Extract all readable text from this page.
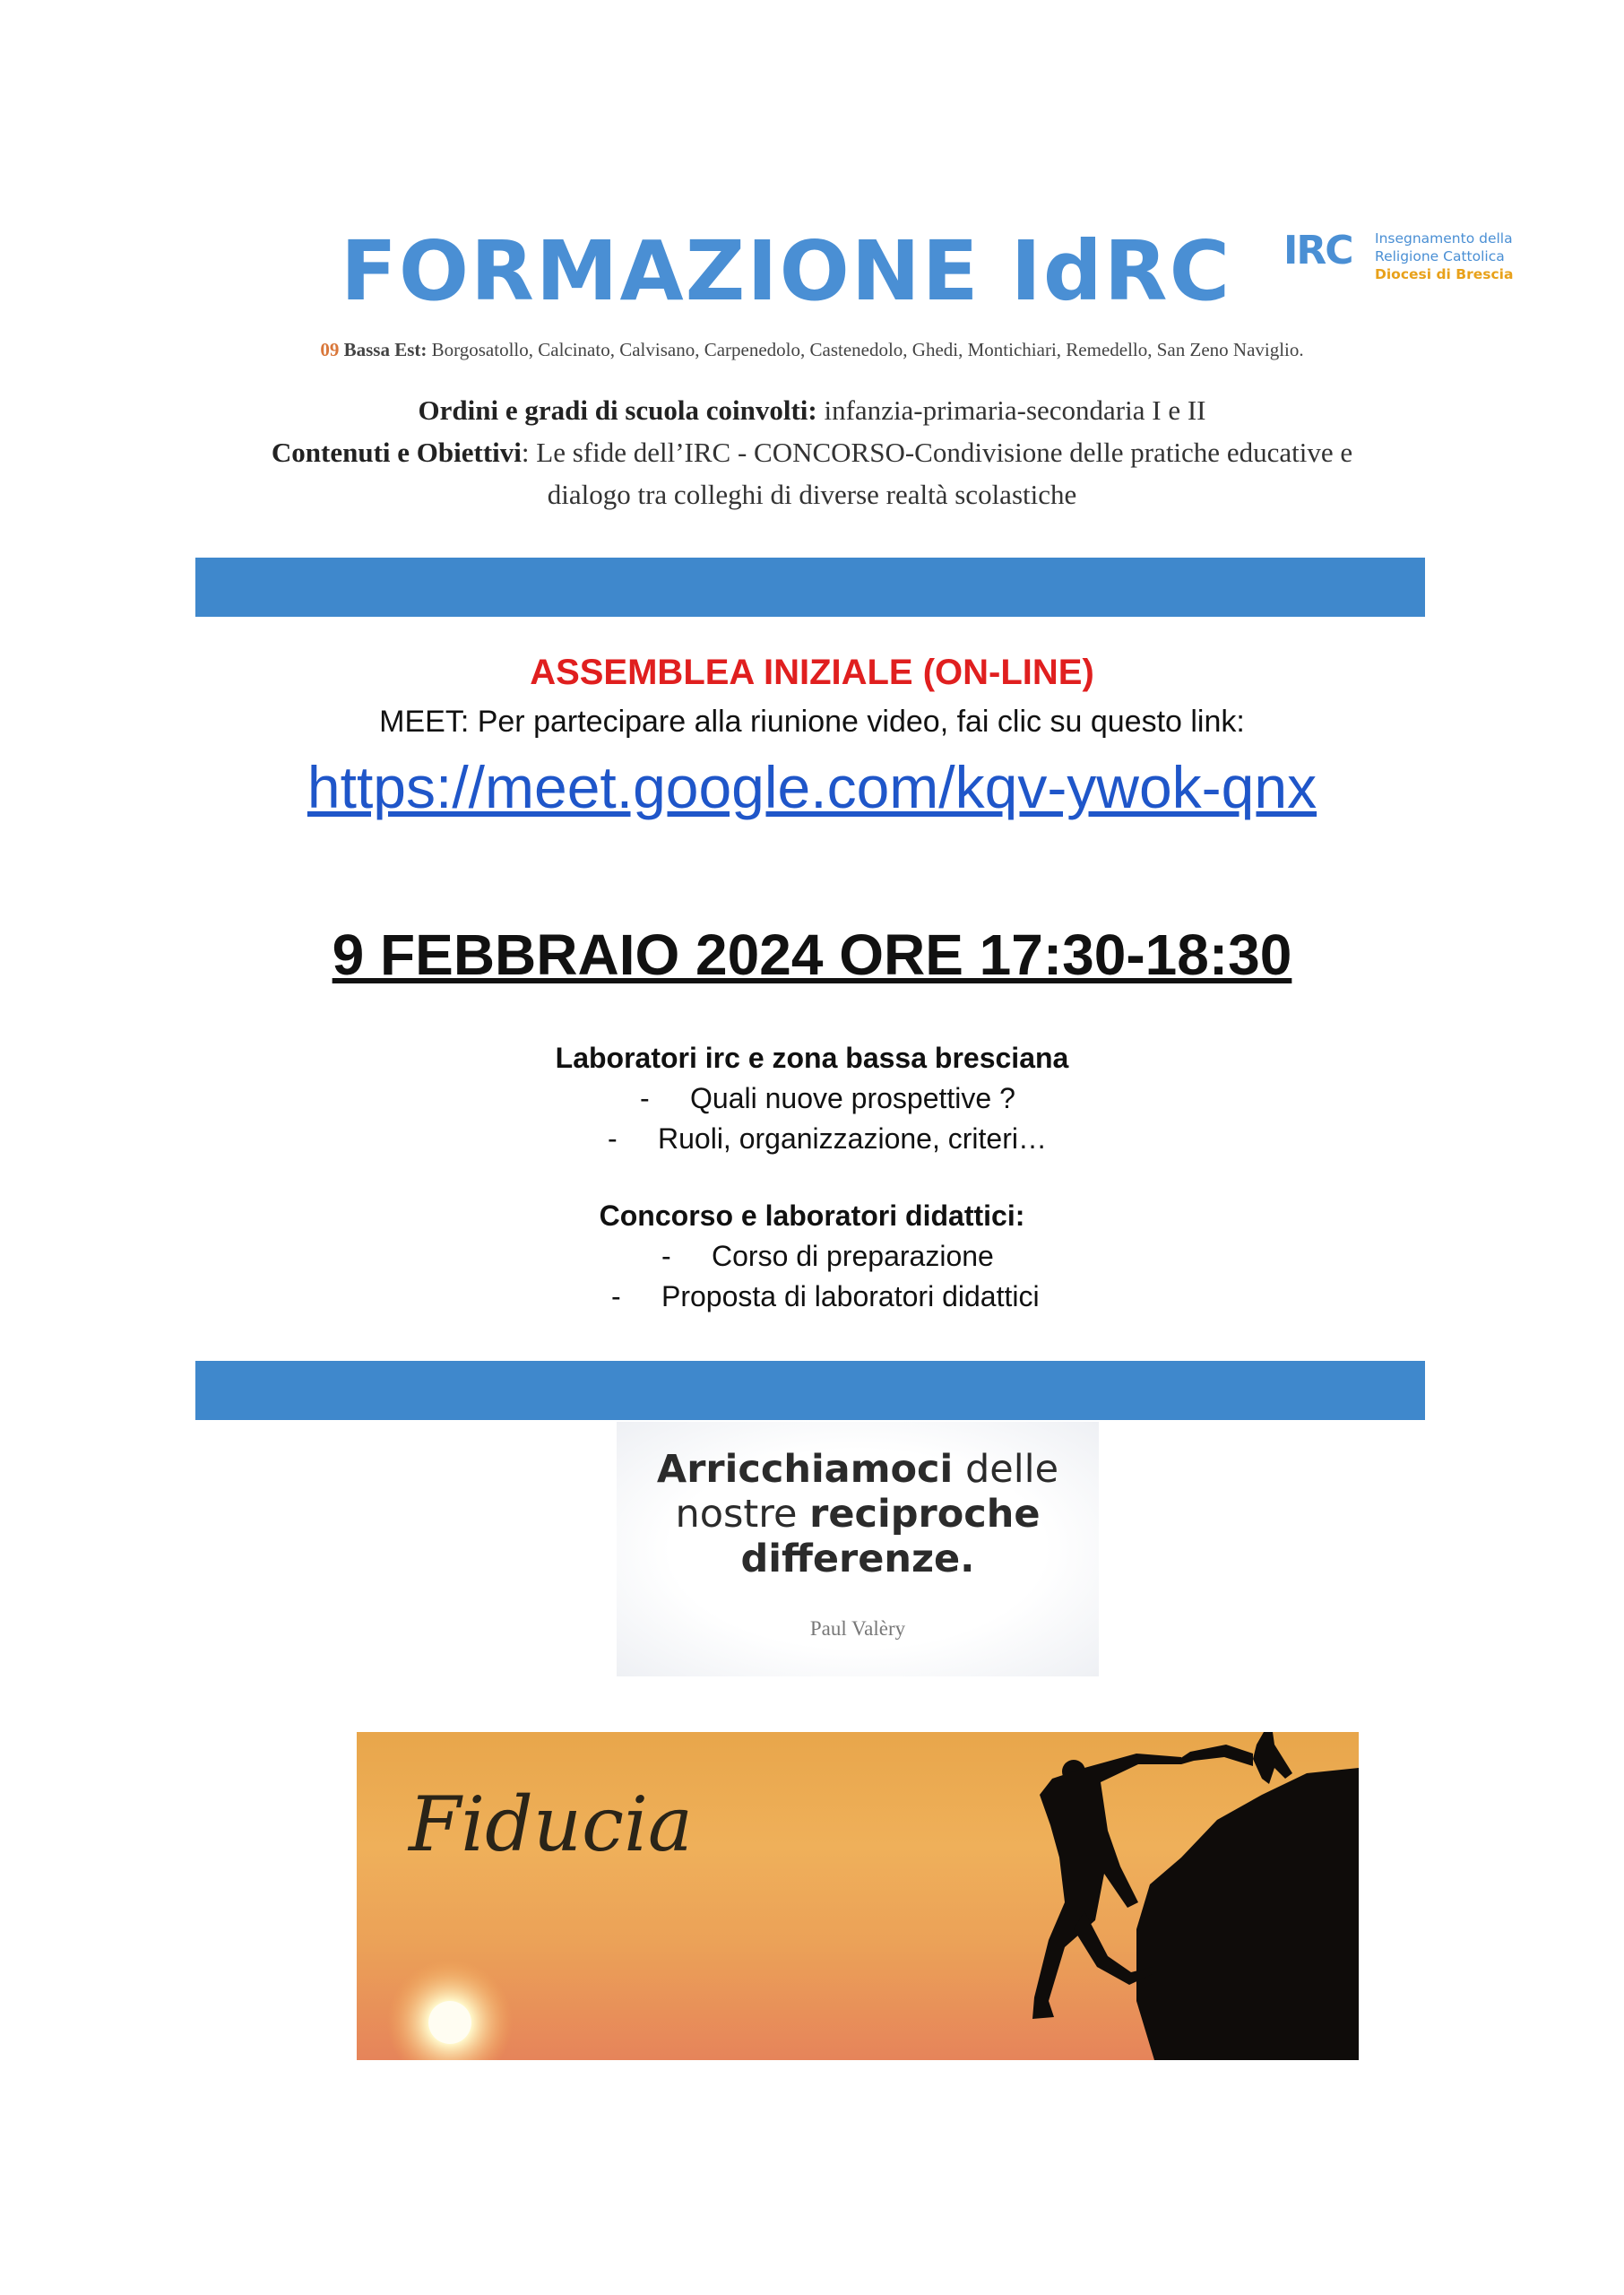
FORMAZIONE IdRC	IRC Insegnamento della
Religione Cattolica
Diocesi di Brescia
09 Bassa Est: Borgosatollo, Calcinato, Calvisano, Carpenedolo, Castenedolo, Ghedi, Montichiari, Remedello, San Zeno Naviglio.
Ordini e gradi di scuola coinvolti: infanzia-primaria-secondaria I e II
Contenuti e Obiettivi: Le sfide dell’IRC - CONCORSO-Condivisione delle pratiche educative e
dialogo tra colleghi di diverse realtà scolastiche
ASSEMBLEA INIZIALE (ON-LINE)
MEET: Per partecipare alla riunione video, fai clic su questo link:
https://meet.google.com/kqv-ywok-qnx
9 FEBBRAIO 2024 ORE 17:30-18:30
Laboratori irc e zona bassa bresciana
- Quali nuove prospettive ?
- Ruoli, organizzazione, criteri…
Concorso e laboratori didattici:
- Corso di preparazione
- Proposta di laboratori didattici
Arricchiamoci delle
nostre reciproche
differenze.
Paul Valèry
Fiducia
